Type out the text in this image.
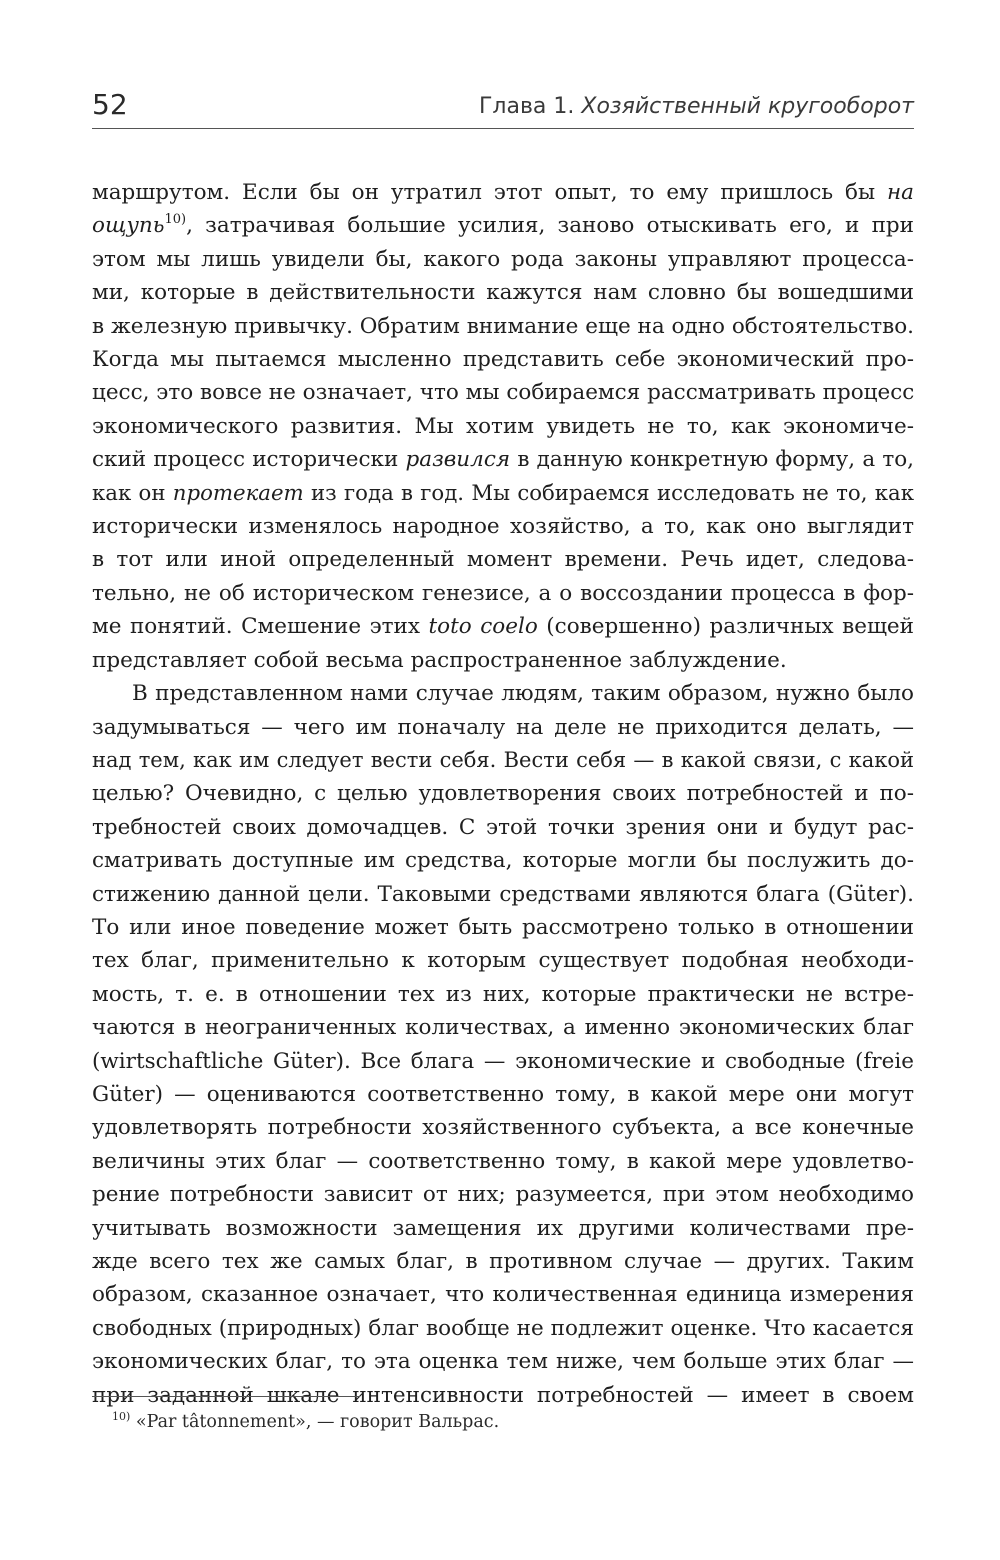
52	Глава 1. Хозяйственный кругооборот
маршрутом. Если бы он утратил этот опыт, то ему пришлось бы на
ощупь$^{10)}$, затрачивая большие усилия, заново отыскивать его, и при
этом мы лишь увидели бы, какого рода законы управляют процесса-
ми, которые в действительности кажутся нам словно бы вошедшими
в железную привычку. Обратим внимание еще на одно обстоятельство.
Когда мы пытаемся мысленно представить себе экономический про-
цесс, это вовсе не означает, что мы собираемся рассматривать процесс
экономического развития. Мы хотим увидеть не то, как экономиче-
ский процесс исторически развился в данную конкретную форму, а то,
как он протекает из года в год. Мы собираемся исследовать не то, как
исторически изменялось народное хозяйство, а то, как оно выглядит
в тот или иной определенный момент времени. Речь идет, следова-
тельно, не об историческом генезисе, а о воссоздании процесса в фор-
ме понятий. Смешение этих toto coelo (совершенно) различных вещей
представляет собой весьма распространенное заблуждение.
В представленном нами случае людям, таким образом, нужно было
задумываться — чего им поначалу на деле не приходится делать, —
над тем, как им следует вести себя. Вести себя — в какой связи, с какой
целью? Очевидно, с целью удовлетворения своих потребностей и по-
требностей своих домочадцев. С этой точки зрения они и будут рас-
сматривать доступные им средства, которые могли бы послужить до-
стижению данной цели. Таковыми средствами являются блага (Güter).
То или иное поведение может быть рассмотрено только в отношении
тех благ, применительно к которым существует подобная необходи-
мость, т. е. в отношении тех из них, которые практически не встре-
чаются в неограниченных количествах, а именно экономических благ
(wirtschaftliche Güter). Все блага — экономические и свободные (freie
Güter) — оцениваются соответственно тому, в какой мере они могут
удовлетворять потребности хозяйственного субъекта, а все конечные
величины этих благ — соответственно тому, в какой мере удовлетво-
рение потребности зависит от них; разумеется, при этом необходимо
учитывать возможности замещения их другими количествами пре-
жде всего тех же самых благ, в противном случае — других. Таким
образом, сказанное означает, что количественная единица измерения
свободных (природных) благ вообще не подлежит оценке. Что касается
экономических благ, то эта оценка тем ниже, чем больше этих благ —
при заданной шкале интенсивности потребностей — имеет в своем
$^{10)}$ «Par tâtonnement», — говорит Вальрас.
